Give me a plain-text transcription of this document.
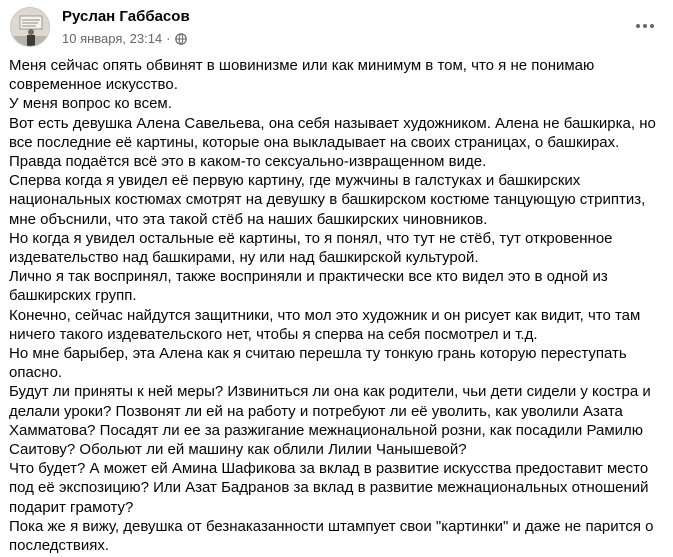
Руслан Габбасов
10 января, 23:14 ·

Меня сейчас опять обвинят в шовинизме или как минимум в том, что я не понимаю современное искусство.

У меня вопрос ко всем.

Вот есть девушка Алена Савельева, она себя называет художником. Алена не башкирка, но все последние её картины, которые она выкладывает на своих страницах, о башкирах.

Правда подаётся всё это в каком-то сексуально-извращенном виде.

Сперва когда я увидел её первую картину, где мужчины в галстуках и башкирских национальных костюмах смотрят на девушку в башкирском костюме танцующую стриптиз, мне объснили, что эта такой стёб на наших башкирских чиновников.

Но когда я увидел остальные её картины, то я понял, что тут не стёб, тут откровенное издевательство над башкирами, ну или над башкирской культурой.

Лично я так воспринял, также восприняли и практически все кто видел это в одной из башкирских групп.

Конечно, сейчас найдутся защитники, что мол это художник и он рисует как видит, что там ничего такого издевательского нет, чтобы я сперва на себя посмотрел и т.д.

Но мне барыбер, эта Алена как я считаю перешла ту тонкую грань которую переступать опасно.

Будут ли приняты к ней меры? Извиниться ли она как родители, чьи дети сидели у костра и делали уроки? Позвонят ли ей на работу и потребуют ли её уволить, как уволили Азата Хамматова? Посадят ли ее за разжигание межнациональной розни, как посадили Рамилю Саитову? Обольют ли ей машину как облили Лилии Чанышевой?

Что будет? А может ей Амина Шафикова за вклад в развитие искусства предоставит место под её экспозицию? Или Азат Бадранов за вклад в развитие межнациональных отношений подарит грамоту?

Пока же я вижу, девушка от безнаказанности штампует свои "картинки" и даже не парится о последствиях.
